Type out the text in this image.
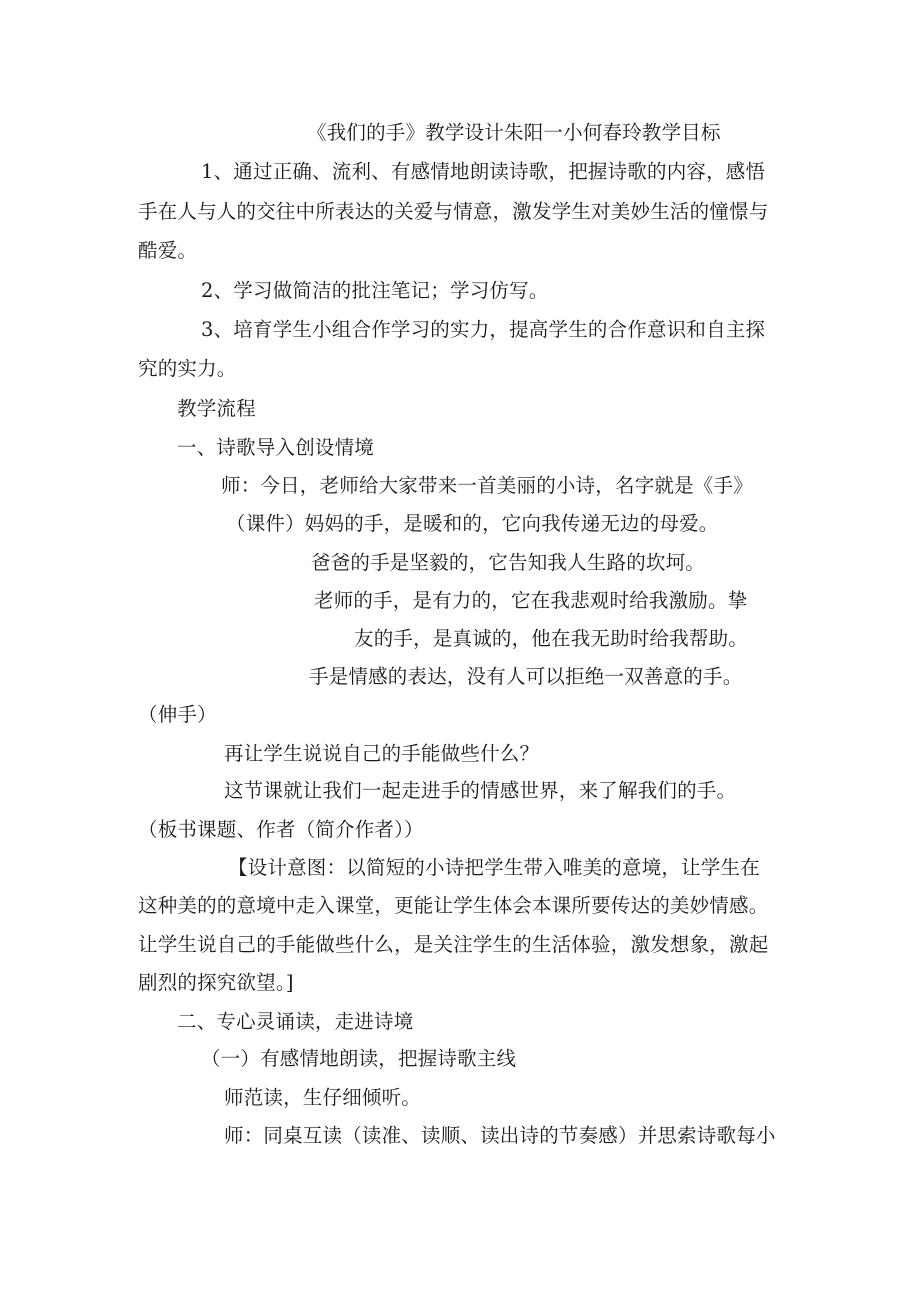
《我们的手》教学设计朱阳一小何春玲教学目标
1、通过正确、流利、有感情地朗读诗歌，把握诗歌的内容，感悟
手在人与人的交往中所表达的关爱与情意，激发学生对美妙生活的憧憬与
酷爱。
2、学习做简洁的批注笔记；学习仿写。
3、培育学生小组合作学习的实力，提高学生的合作意识和自主探
究的实力。
教学流程
一、诗歌导入创设情境
师：今日，老师给大家带来一首美丽的小诗，名字就是《手》
（课件）妈妈的手，是暖和的，它向我传递无边的母爱。
爸爸的手是坚毅的，它告知我人生路的坎坷。
老师的手，是有力的，它在我悲观时给我激励。挚
友的手，是真诚的，他在我无助时给我帮助。
手是情感的表达，没有人可以拒绝一双善意的手。
（伸手）
再让学生说说自己的手能做些什么？
这节课就让我们一起走进手的情感世界，来了解我们的手。
（板书课题、作者（简介作者））
【设计意图：以简短的小诗把学生带入唯美的意境，让学生在
这种美的的意境中走入课堂，更能让学生体会本课所要传达的美妙情感。
让学生说自己的手能做些什么，是关注学生的生活体验，激发想象，激起
剧烈的探究欲望。]
二、专心灵诵读，走进诗境
（一）有感情地朗读，把握诗歌主线
师范读，生仔细倾听。
师：同桌互读（读准、读顺、读出诗的节奏感）并思索诗歌每小
